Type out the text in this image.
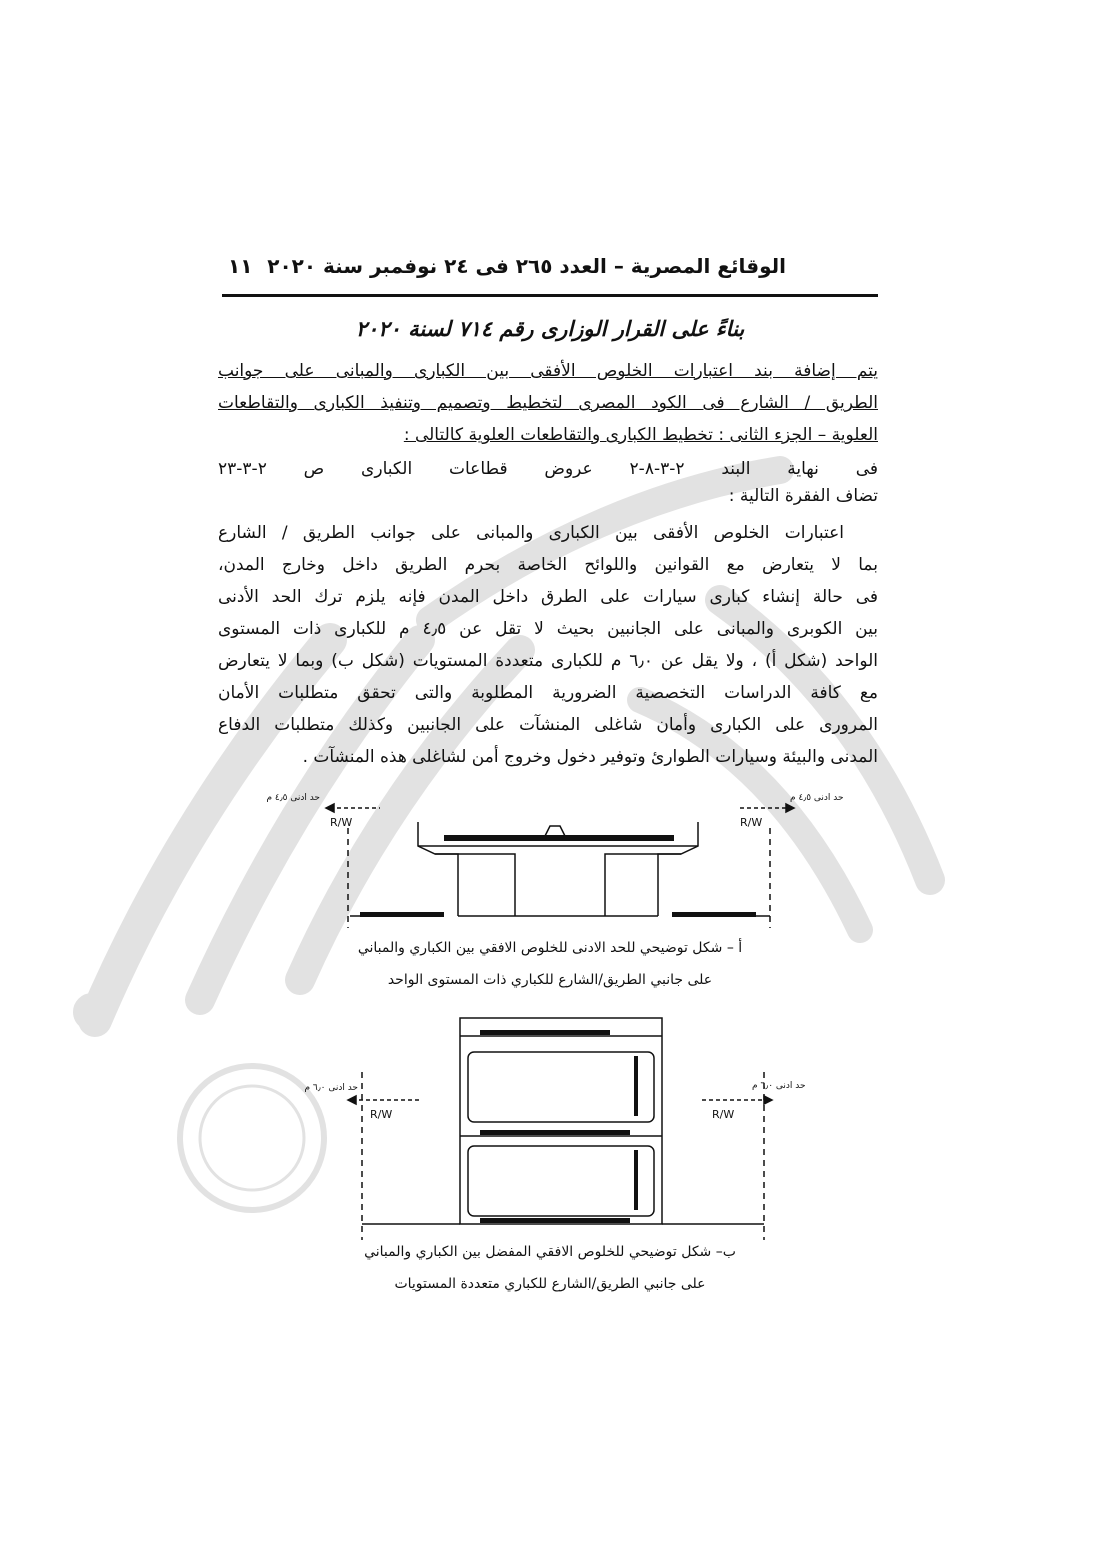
الوقائع المصرية – العدد ٢٦٥ فى ٢٤ نوفمبر سنة ٢٠٢٠
١١
بناءً على القرار الوزارى رقم ٧١٤ لسنة ٢٠٢٠
يتم إضافة بند اعتبارات الخلوص الأفقى بين الكبارى والمبانى على جوانب
الطريق / الشارع فى الكود المصرى لتخطيط وتصميم وتنفيذ الكبارى والتقاطعات
العلوية – الجزء الثانى : تخطيط الكبارى والتقاطعات العلوية كالتالى :
فى نهاية البند ٢-٣-٨-٢ عروض قطاعات الكبارى ص ٢-٣-٢٣
تضاف الفقرة التالية :
اعتبارات الخلوص الأفقى بين الكبارى والمبانى على جوانب الطريق / الشارع
بما لا يتعارض مع القوانين واللوائح الخاصة بحرم الطريق داخل وخارج المدن،
فى حالة إنشاء كبارى سيارات على الطرق داخل المدن فإنه يلزم ترك الحد الأدنى
بين الكوبرى والمبانى على الجانبين بحيث لا تقل عن ٤٫٥ م للكبارى ذات المستوى
الواحد (شكل أ) ، ولا يقل عن ٦٫٠ م للكبارى متعددة المستويات (شكل ب) وبما لا يتعارض
مع كافة الدراسات التخصصية الضرورية المطلوبة والتى تحقق متطلبات الأمان
المرورى على الكبارى وأمان شاغلى المنشآت على الجانبين وكذلك متطلبات الدفاع
المدنى والبيئة وسيارات الطوارئ وتوفير دخول وخروج أمن لشاغلى هذه المنشآت .
حد ادنى ٤٫٥ م	حد ادنى ٤٫٥ م
R/W	R/W
أ – شكل توضيحي للحد الادنى للخلوص الافقي بين الكباري والمباني
على جانبي الطريق/الشارع للكباري ذات المستوى الواحد
حد ادنى ٦٫٠ م	حد ادنى ٦٫٠ م
R/W	R/W
ب– شكل توضيحي للخلوص الافقي المفضل بين الكباري والمباني
على جانبي الطريق/الشارع للكباري متعددة المستويات
